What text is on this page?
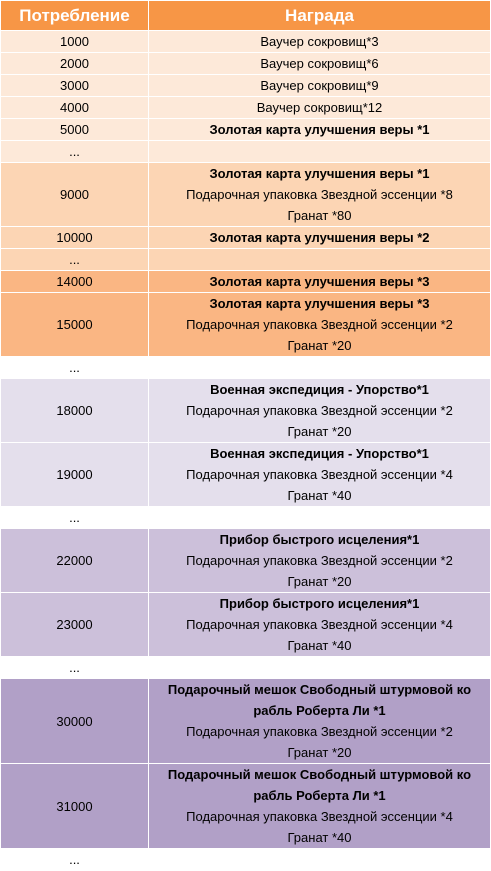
Потребление	Награда
1000	Ваучер сокровищ*3

2000	Ваучер сокровищ*6

3000	Ваучер сокровищ*9

4000	Ваучер сокровищ*12

5000	Золотая карта улучшения веры *1

...	

9000	Золотая карта улучшения веры *1
Подарочная упаковка Звездной эссенции *8
Гранат *80

10000	Золотая карта улучшения веры *2

...	

14000	Золотая карта улучшения веры *3

15000	Золотая карта улучшения веры *3
Подарочная упаковка Звездной эссенции *2
Гранат *20

...	

18000	Военная экспедиция - Упорство*1
Подарочная упаковка Звездной эссенции *2
Гранат *20

19000	Военная экспедиция - Упорство*1
Подарочная упаковка Звездной эссенции *4
Гранат *40

...	

22000	Прибор быстрого исцеления*1
Подарочная упаковка Звездной эссенции *2
Гранат *20

23000	Прибор быстрого исцеления*1
Подарочная упаковка Звездной эссенции *4
Гранат *40

...	

30000	Подарочный мешок Свободный штурмовой ко
рабль Роберта Ли *1
Подарочная упаковка Звездной эссенции *2
Гранат *20

31000	Подарочный мешок Свободный штурмовой ко
рабль Роберта Ли *1
Подарочная упаковка Звездной эссенции *4
Гранат *40

...	
